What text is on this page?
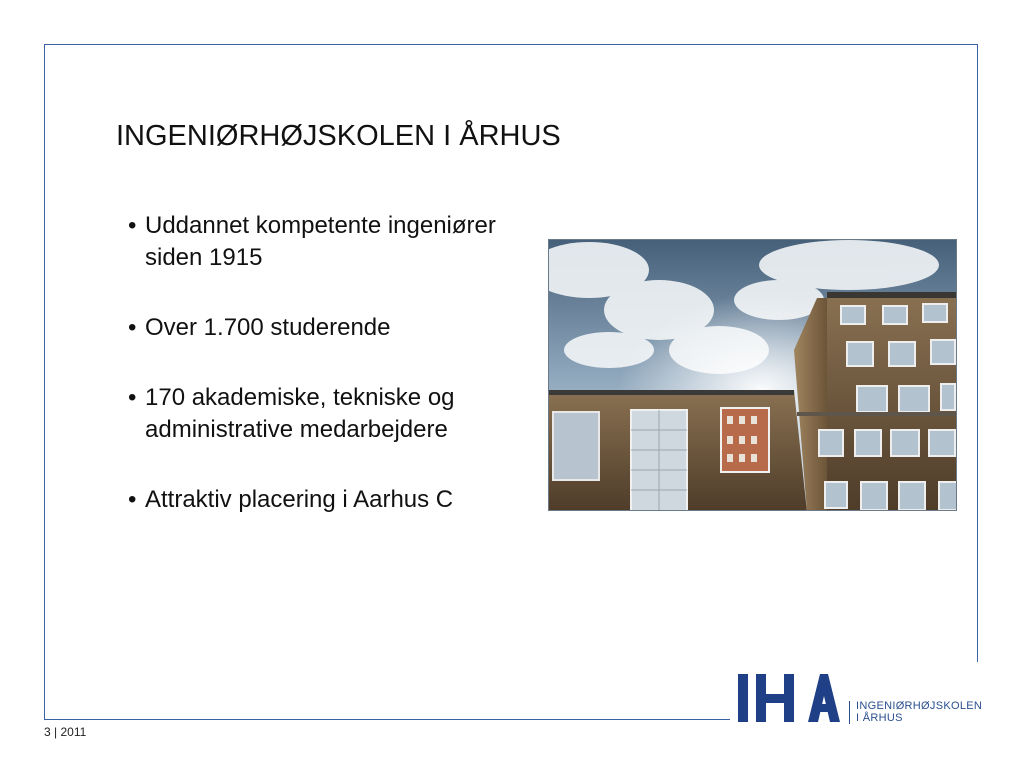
INGENIØRHØJSKOLEN I ÅRHUS
• Uddannet kompetente ingeniører siden 1915
• Over 1.700 studerende
• 170 akademiske, tekniske og administrative medarbejdere
• Attraktiv placering i Aarhus C
INGENIØRHØJSKOLEN
I ÅRHUS
3 | 2011
